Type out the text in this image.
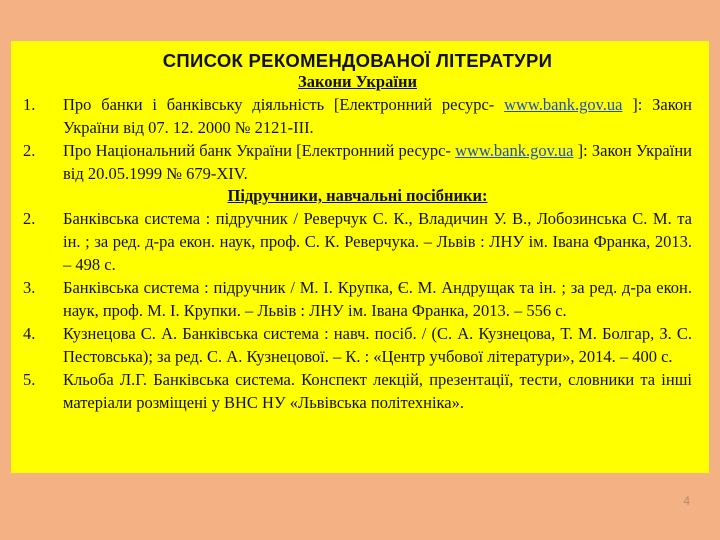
СПИСОК РЕКОМЕНДОВАНОЇ ЛІТЕРАТУРИ
Закони України
1. Про банки і банківську діяльність [Електронний ресурс- www.bank.gov.ua ]: Закон України від 07. 12. 2000 № 2121-ІІІ.
2. Про Національний банк України [Електронний ресурс- www.bank.gov.ua ]: Закон України від 20.05.1999 № 679-XIV.
Підручники, навчальні посібники:
2. Банківська система : підручник / Реверчук С. К., Владичин У. В., Лобозинська С. М. та ін. ; за ред. д-ра екон. наук, проф. С. К. Реверчука. – Львів : ЛНУ ім. Івана Франка, 2013. – 498 с.
3. Банківська система : підручник / М. І. Крупка, Є. М. Андрущак та ін. ; за ред. д-ра екон. наук, проф. М. І. Крупки. – Львів : ЛНУ ім. Івана Франка, 2013. – 556 с.
4. Кузнецова С. А. Банківська система : навч. посіб. / (С. А. Кузнецова, Т. М. Болгар, З. С. Пестовська); за ред. С. А. Кузнецової. – К. : «Центр учбової літератури», 2014. – 400 с.
5. Кльоба Л.Г. Банківська система. Конспект лекцій, презентації, тести, словники та інші матеріали розміщені у ВНС НУ «Львівська політехніка».
4
